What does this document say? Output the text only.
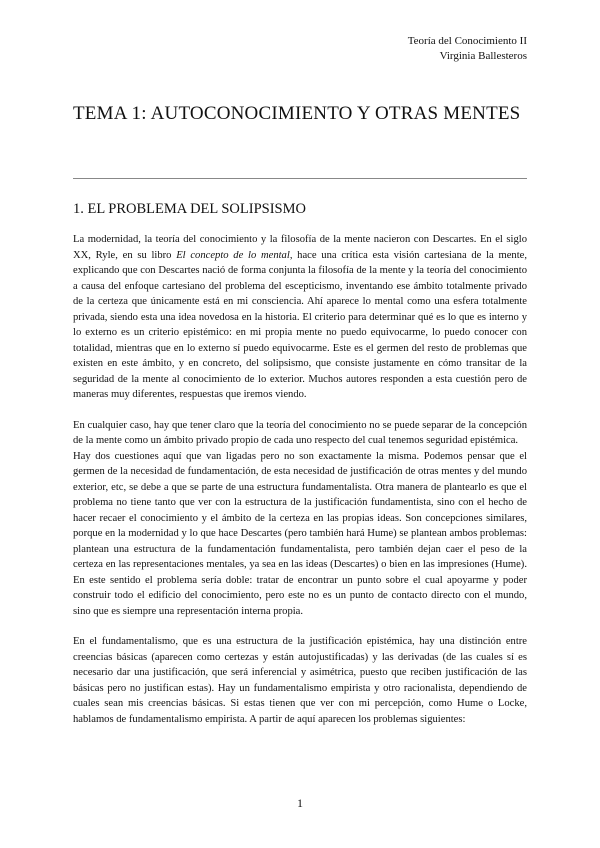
Teoría del Conocimiento II
Virginia Ballesteros
TEMA 1: AUTOCONOCIMIENTO Y OTRAS MENTES
1. EL PROBLEMA DEL SOLIPSISMO

La modernidad, la teoría del conocimiento y la filosofía de la mente nacieron con Descartes. En el siglo XX, Ryle, en su libro El concepto de lo mental, hace una crítica esta visión cartesiana de la mente, explicando que con Descartes nació de forma conjunta la filosofía de la mente y la teoría del conocimiento a causa del enfoque cartesiano del problema del escepticismo, inventando ese ámbito totalmente privado de la certeza que únicamente está en mi consciencia. Ahí aparece lo mental como una esfera totalmente privada, siendo esta una idea novedosa en la historia. El criterio para determinar qué es lo que es interno y lo externo es un criterio epistémico: en mi propia mente no puedo equivocarme, lo puedo conocer con totalidad, mientras que en lo externo sí puedo equivocarme. Este es el germen del resto de problemas que existen en este ámbito, y en concreto, del solipsismo, que consiste justamente en cómo transitar de la seguridad de la mente al conocimiento de lo exterior. Muchos autores responden a esta cuestión pero de maneras muy diferentes, respuestas que iremos viendo.

En cualquier caso, hay que tener claro que la teoría del conocimiento no se puede separar de la concepción de la mente como un ámbito privado propio de cada uno respecto del cual tenemos seguridad epistémica.

Hay dos cuestiones aquí que van ligadas pero no son exactamente la misma. Podemos pensar que el germen de la necesidad de fundamentación, de esta necesidad de justificación de otras mentes y del mundo exterior, etc, se debe a que se parte de una estructura fundamentalista. Otra manera de plantearlo es que el problema no tiene tanto que ver con la estructura de la justificación fundamentista, sino con el hecho de hacer recaer el conocimiento y el ámbito de la certeza en las propias ideas. Son concepciones similares, porque en la modernidad y lo que hace Descartes (pero también hará Hume) se plantean ambos problemas: plantean una estructura de la fundamentación fundamentalista, pero también dejan caer el peso de la certeza en las representaciones mentales, ya sea en las ideas (Descartes) o bien en las impresiones (Hume). En este sentido el problema sería doble: tratar de encontrar un punto sobre el cual apoyarme y poder construir todo el edificio del conocimiento, pero este no es un punto de contacto directo con el mundo, sino que es siempre una representación interna propia.

En el fundamentalismo, que es una estructura de la justificación epistémica, hay una distinción entre creencias básicas (aparecen como certezas y están autojustificadas) y las derivadas (de las cuales sí es necesario dar una justificación, que será inferencial y asimétrica, puesto que reciben justificación de las básicas pero no justifican estas). Hay un fundamentalismo empirista y otro racionalista, dependiendo de cuales sean mis creencias básicas. Si estas tienen que ver con mi percepción, como Hume o Locke, hablamos de fundamentalismo empirista. A partir de aquí aparecen los problemas siguientes:

1
